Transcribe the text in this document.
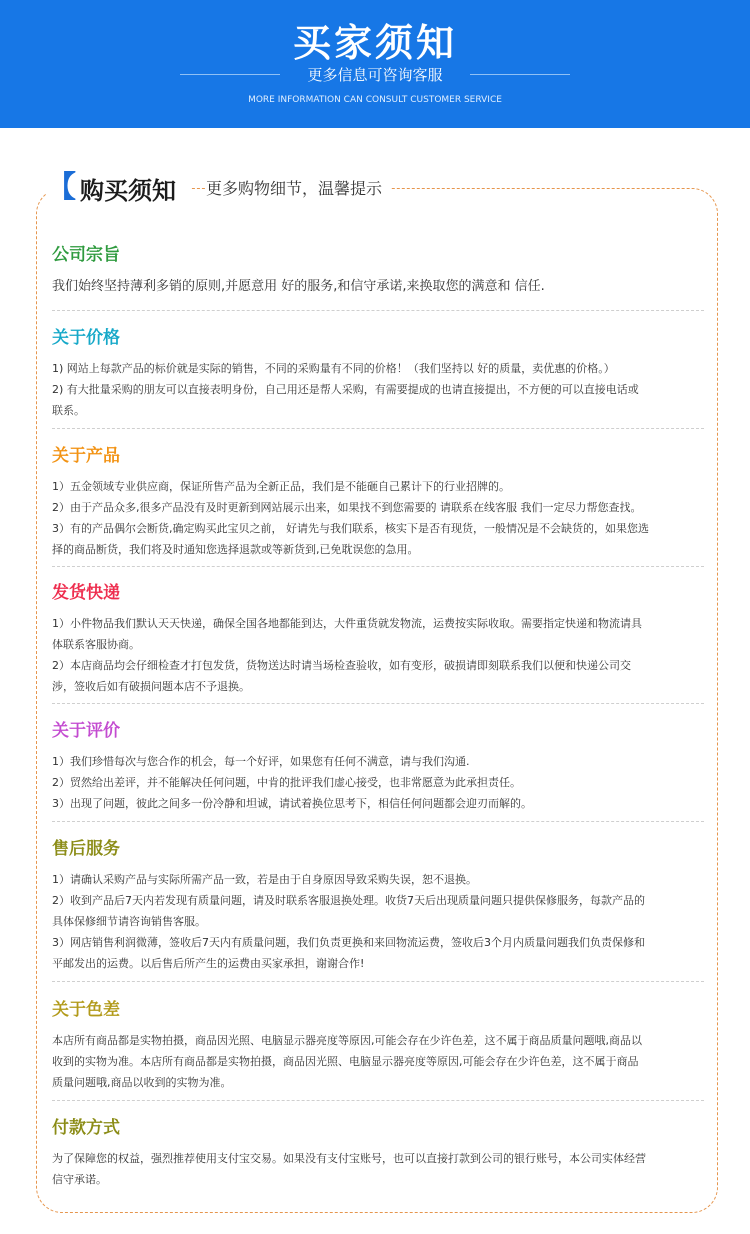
买家须知
更多信息可咨询客服
MORE INFORMATION CAN CONSULT CUSTOMER SERVICE
【 购买须知 更多购物细节，温馨提示
公司宗旨
我们始终坚持薄利多销的原则,并愿意用 好的服务,和信守承诺,来换取您的满意和 信任.
关于价格
1) 网站上每款产品的标价就是实际的销售，不同的采购量有不同的价格！（我们坚持以 好的质量，卖优惠的价格。）
2) 有大批量采购的朋友可以直接表明身份，自己用还是帮人采购，有需要提成的也请直接提出，不方便的可以直接电话或
联系。
关于产品
1）五金领域专业供应商，保证所售产品为全新正品，我们是不能砸自己累计下的行业招牌的。
2）由于产品众多,很多产品没有及时更新到网站展示出来，如果找不到您需要的 请联系在线客服 我们一定尽力帮您查找。
3）有的产品偶尔会断货,确定购买此宝贝之前， 好请先与我们联系，核实下是否有现货，一般情况是不会缺货的，如果您选
择的商品断货，我们将及时通知您选择退款或等新货到,已免耽误您的急用。
发货快递
1）小件物品我们默认天天快递，确保全国各地都能到达，大件重货就发物流，运费按实际收取。需要指定快递和物流请具
体联系客服协商。
2）本店商品均会仔细检查才打包发货，货物送达时请当场检查验收，如有变形，破损请即刻联系我们以便和快递公司交
涉，签收后如有破损问题本店不予退换。
关于评价
1）我们珍惜每次与您合作的机会，每一个好评，如果您有任何不满意，请与我们沟通.
2）贸然给出差评，并不能解决任何问题，中肯的批评我们虚心接受，也非常愿意为此承担责任。
3）出现了问题，彼此之间多一份冷静和坦诚，请试着换位思考下，相信任何问题都会迎刃而解的。
售后服务
1）请确认采购产品与实际所需产品一致，若是由于自身原因导致采购失误，恕不退换。
2）收到产品后7天内若发现有质量问题，请及时联系客服退换处理。收货7天后出现质量问题只提供保修服务，每款产品的
具体保修细节请咨询销售客服。
3）网店销售利润微薄，签收后7天内有质量问题，我们负责更换和来回物流运费，签收后3个月内质量问题我们负责保修和
平邮发出的运费。以后售后所产生的运费由买家承担，谢谢合作!
关于色差
本店所有商品都是实物拍摄，商品因光照、电脑显示器亮度等原因,可能会存在少许色差，这不属于商品质量问题哦,商品以
收到的实物为准。本店所有商品都是实物拍摄，商品因光照、电脑显示器亮度等原因,可能会存在少许色差，这不属于商品
质量问题哦,商品以收到的实物为准。
付款方式
为了保障您的权益，强烈推荐使用支付宝交易。如果没有支付宝账号，也可以直接打款到公司的银行账号，本公司实体经营
信守承诺。
